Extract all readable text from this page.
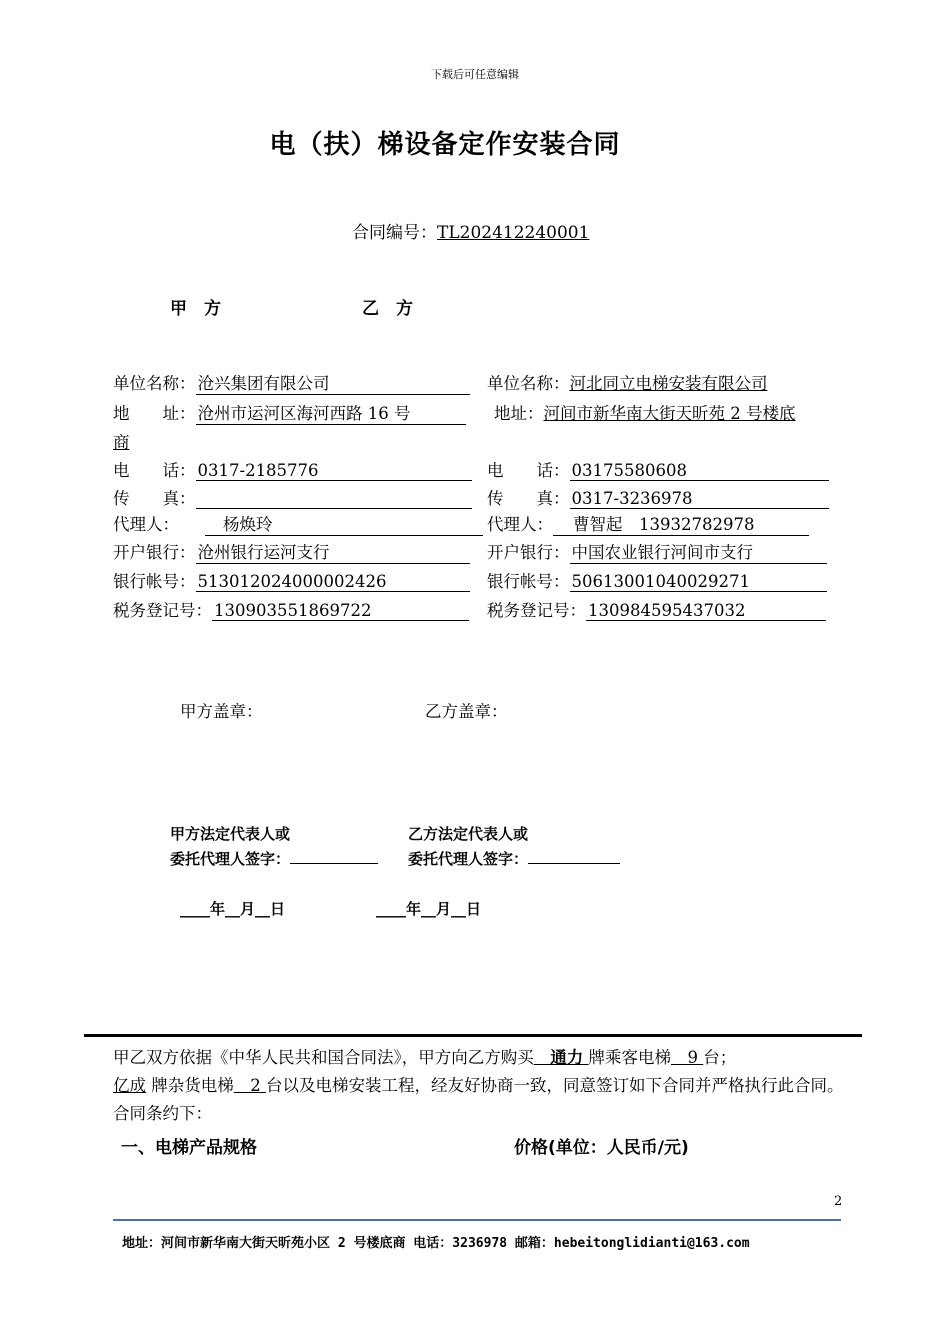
下载后可任意编辑
电（扶）梯设备定作安装合同
合同编号：TL202412240001
甲　方	乙　方
单位名称： 沧兴集团有限公司	单位名称：河北同立电梯安装有限公司
地　　址： 沧州市运河区海河西路 16 号	地址：河间市新华南大街天昕苑 2 号楼底
商
电　　话： 0317-2185776	电　　话： 03175580608
传　　真：	传　　真： 0317-3236978
代理人：	杨焕玲	代理人： 曹智起　13932782978
开户银行： 沧州银行运河支行	开户银行： 中国农业银行河间市支行
银行帐号： 513012024000002426	银行帐号： 50613001040029271
税务登记号： 130903551869722	税务登记号： 130984595437032
甲方盖章：	乙方盖章：
甲方法定代表人或
委托代理人签字：
乙方法定代表人或
委托代理人签字：
____年__月__日	____年__月__日
甲乙双方依据《中华人民共和国合同法》，甲方向乙方购买　通力 牌乘客电梯　9 台；
亿成 牌杂货电梯　2 台以及电梯安装工程，经友好协商一致，同意签订如下合同并严格执行此合同。合同条约下：
一、电梯产品规格	价格(单位：人民币/元)
2
地址：河间市新华南大街天昕苑小区 2 号楼底商 电话：3236978 邮箱：hebeitonglidianti@163.com
